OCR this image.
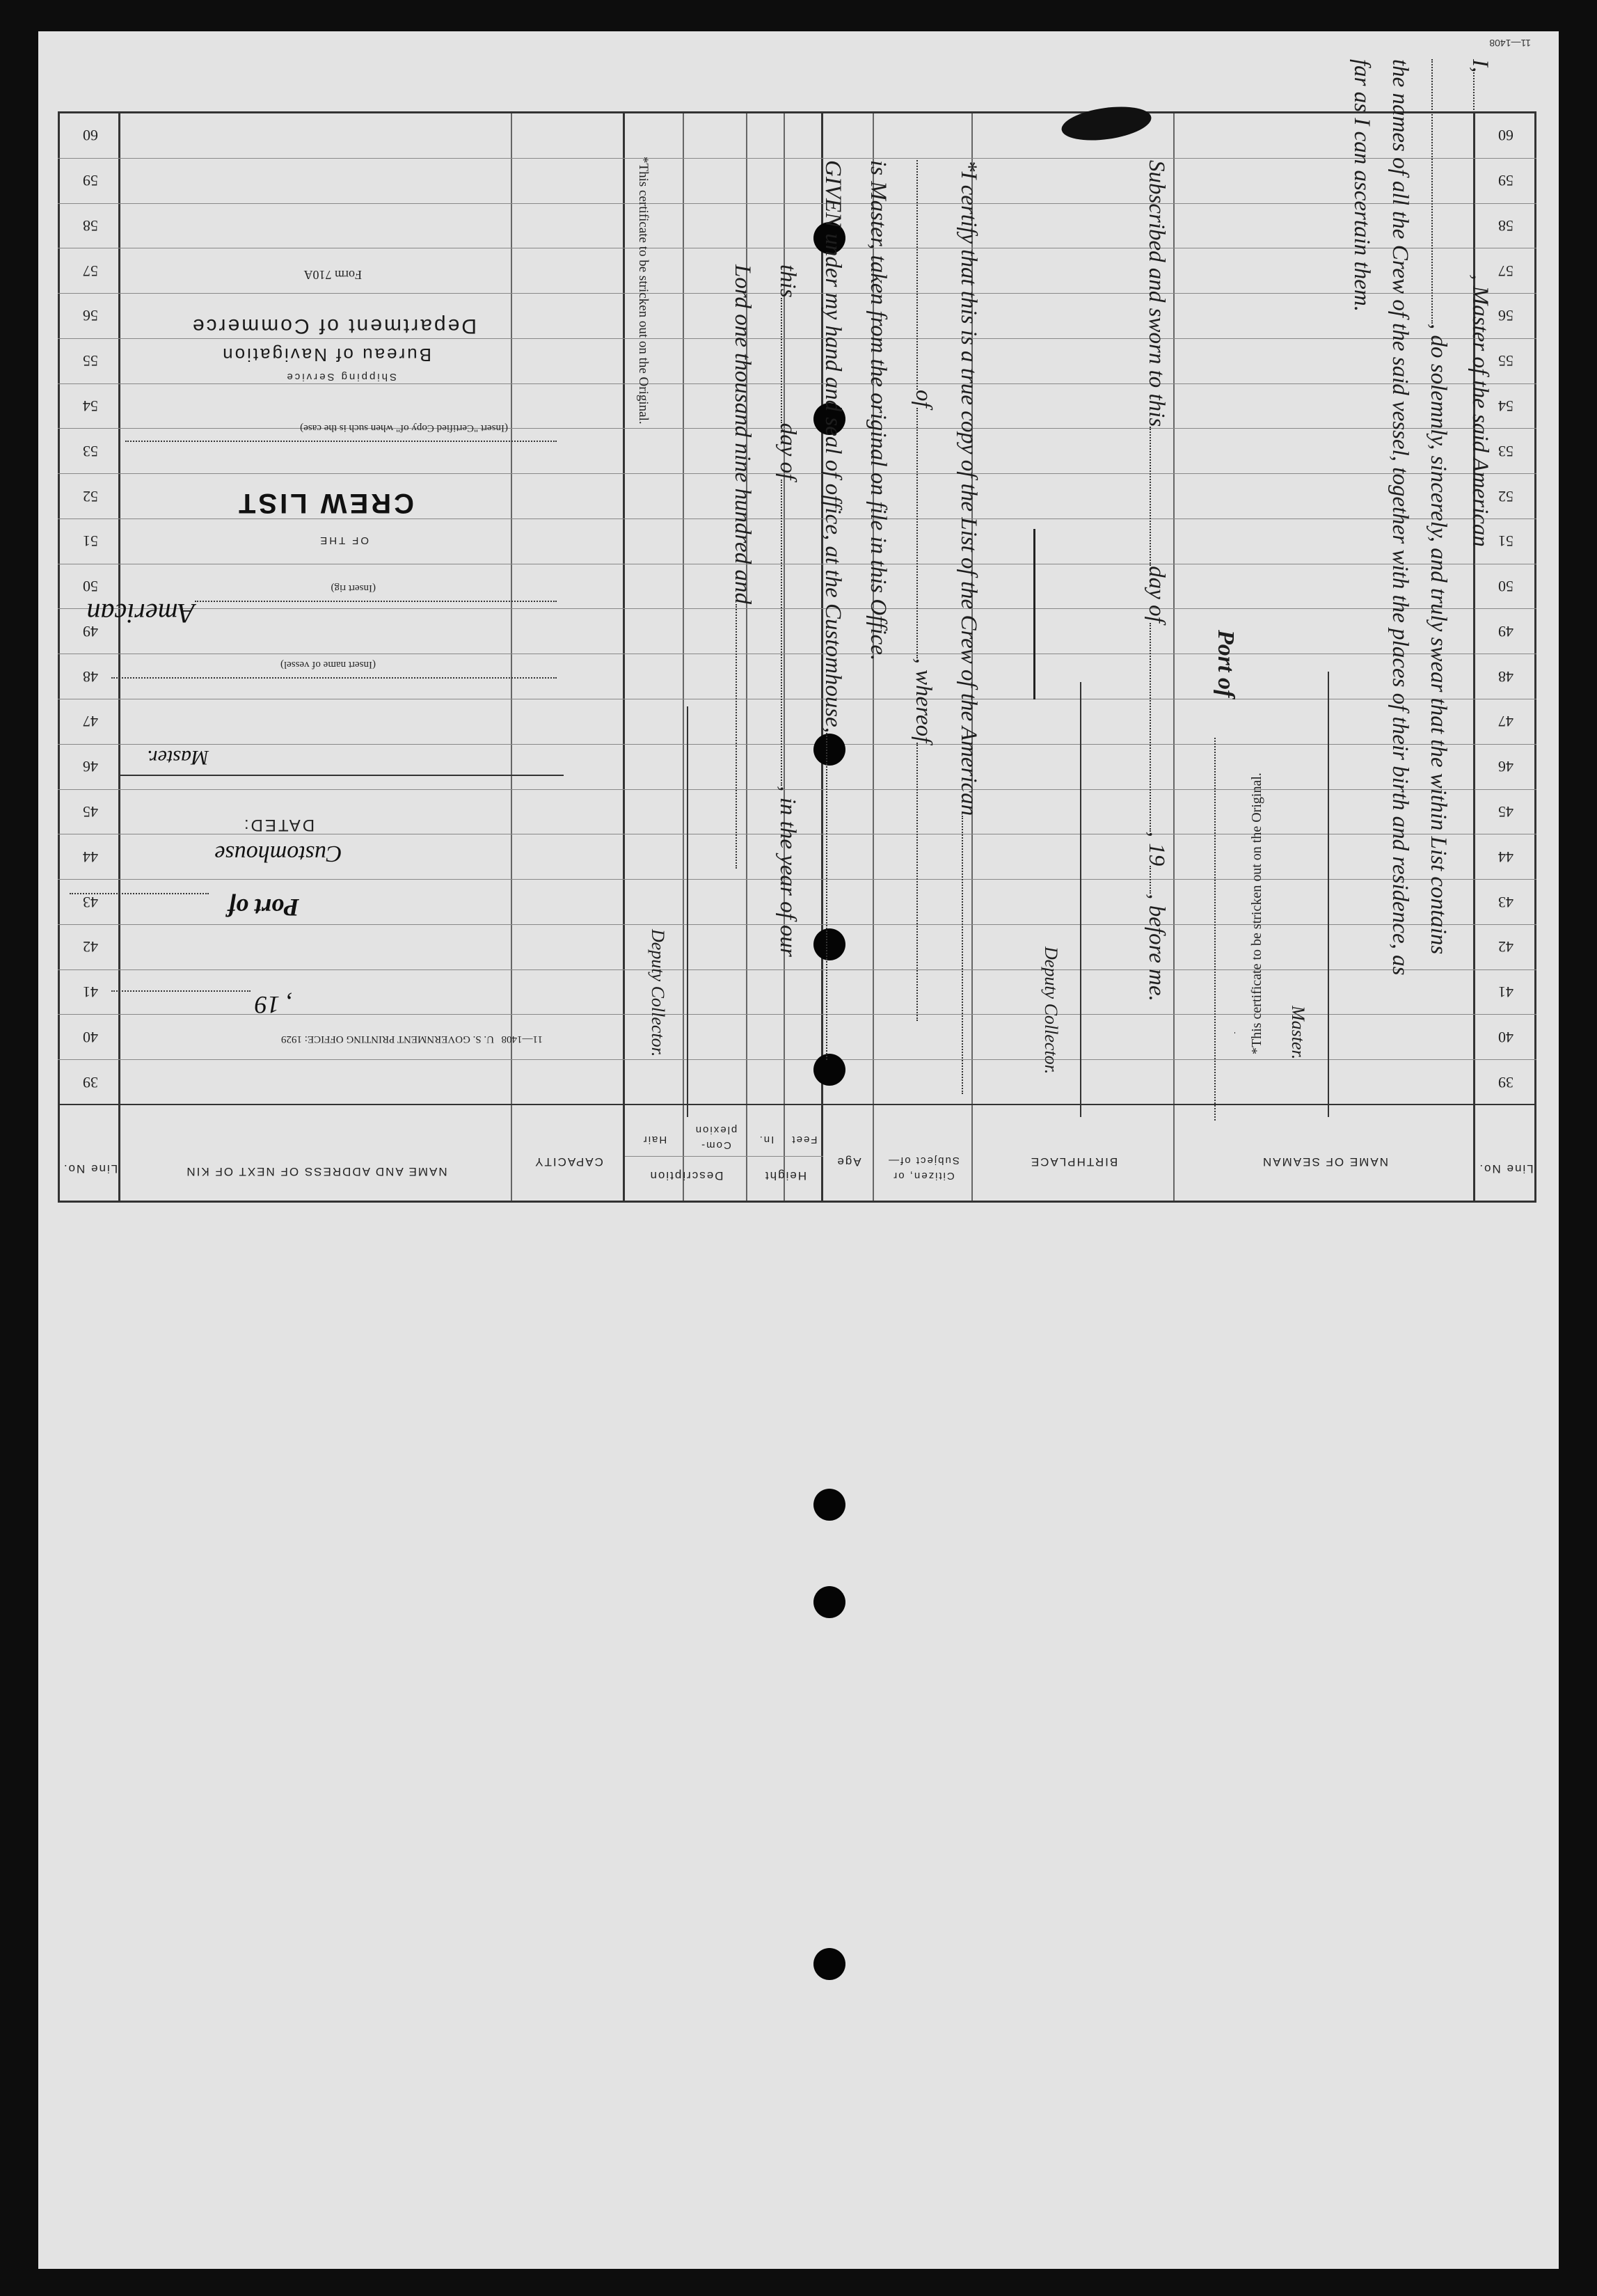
Line No.
NAME OF SEAMAN
BIRTHPLACE
Citizen, or Subject of—
Age
Height
Feet
In.
Description
Com-plexion
Hair
CAPACITY
NAME AND ADDRESS OF NEXT OF KIN
Line No.
39
39
40
40
41
41
42
42
43
43
44
44
45
45
46
46
47
47
48
48
49
49
50
50
51
51
52
52
53
53
54
54
55
55
56
56
57
57
58
58
59
59
60
60
11—1408
U. S. GOVERNMENT PRINTING OFFICE: 1929 11—1408
, 19
Port of
Customhouse
DATED:
Master.
(Insert name of vessel)
American
(Insert rig)
OF THE
CREW LIST
(Insert "Certified Copy of" when such is the case)
Shipping Service
Bureau of Navigation
Department of Commerce
Form 710A
*This certificate to be stricken out on the Original.
I,, Master of the said American
, do solemnly, sincerely, and truly swear that the within List contains
the names of all the Crew of the said vessel, together with the places of their birth and residence, as
far as I can ascertain them.
Master.
Port of
Subscribed and sworn to thisday of, 19, before me.
Deputy Collector.
*I certify that this is a true copy of the List of the Crew of the American
of, whereof
is Master, taken from the original on file in this Office.
GIVEN under my hand and seal of office, at the Customhouse,
thisday of, in the year of our
Lord one thousand nine hundred and
Deputy Collector.
*This certificate to be stricken out on the Original.
